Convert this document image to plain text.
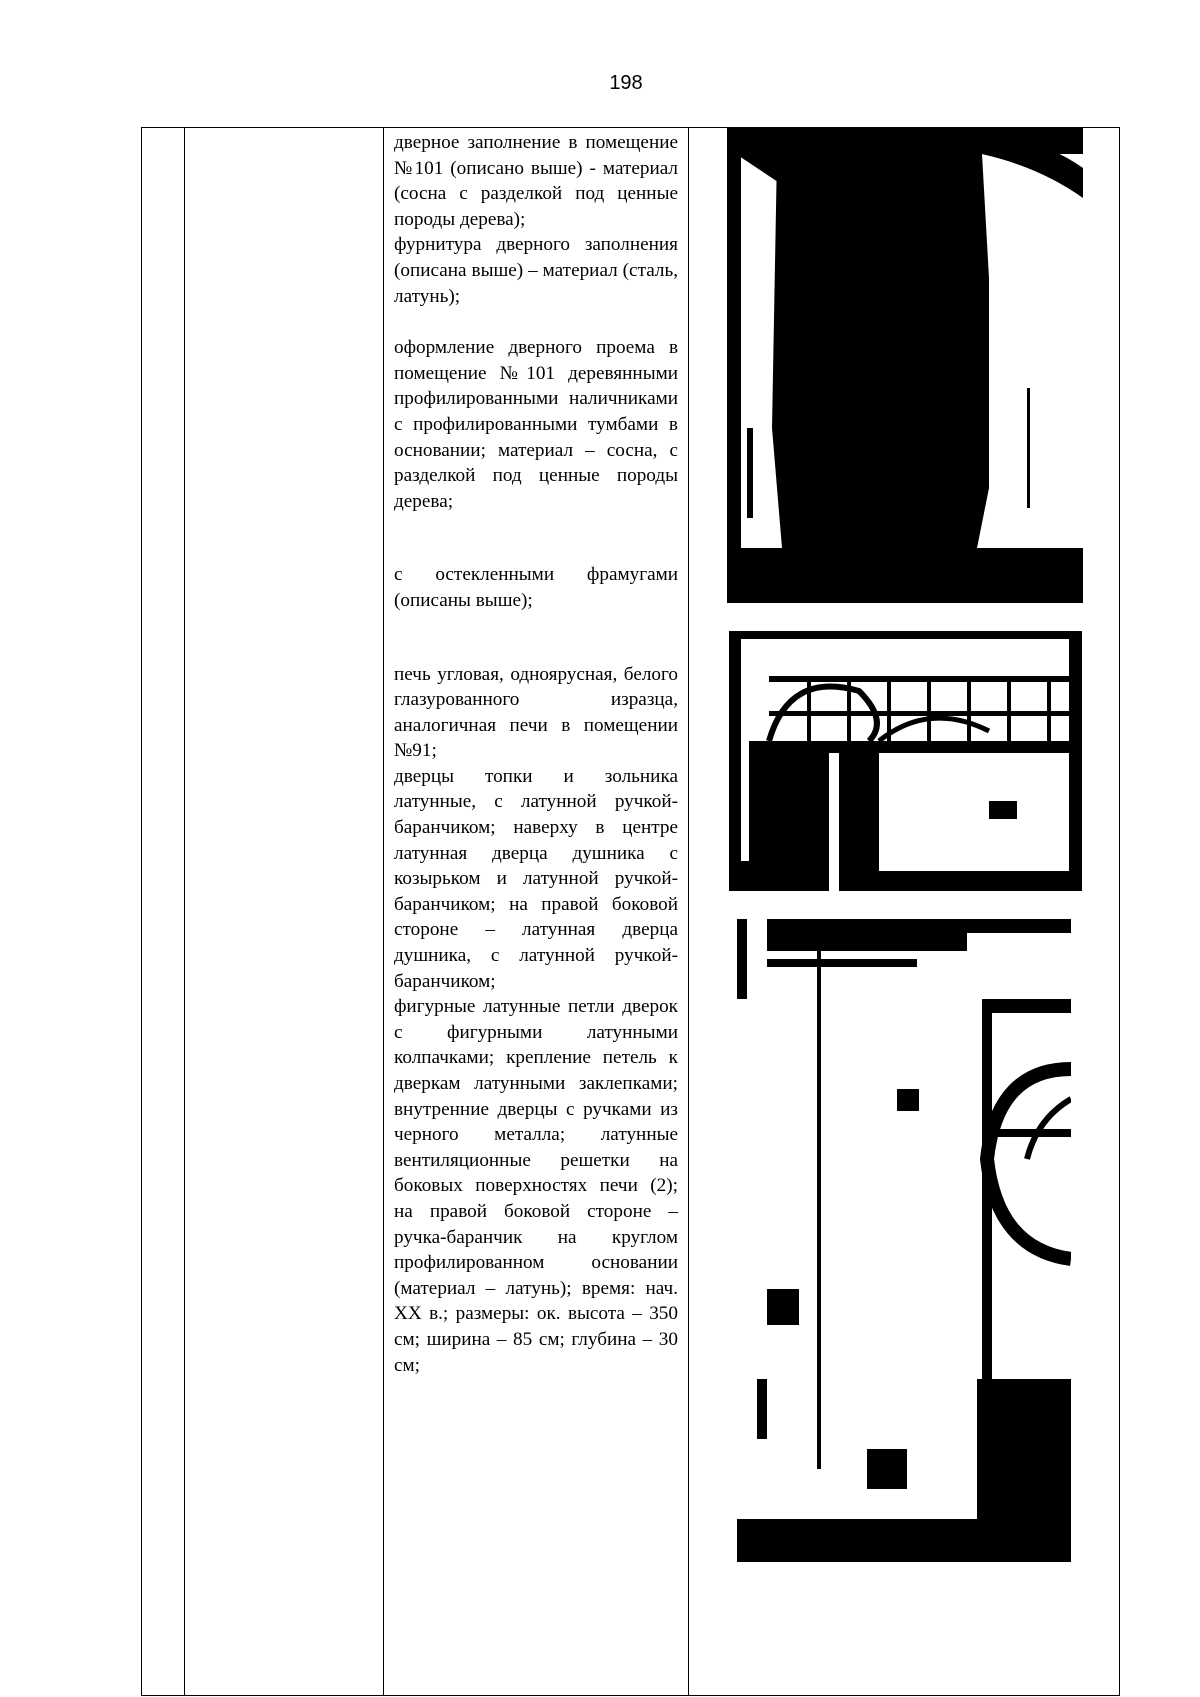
198

дверное заполнение в помещение №101 (описано выше) - материал (сосна с разделкой под ценные породы дерева);

фурнитура дверного заполнения (описана выше) – материал (сталь, латунь);

оформление дверного проема в помещение №101 деревянными профилированными наличниками с профилированными тумбами в основании; материал – сосна, с разделкой под ценные породы дерева;

с остекленными фрамугами (описаны выше);

печь угловая, одноярусная, белого глазурованного изразца, аналогичная печи в помещении №91;

дверцы топки и зольника латунные, с латунной ручкой-баранчиком; наверху в центре латунная дверца душника с козырьком и латунной ручкой-баранчиком; на правой боковой стороне – латунная дверца душника, с латунной ручкой-баранчиком;

фигурные латунные петли дверок с фигурными латунными колпачками; крепление петель к дверкам латунными заклепками; внутренние дверцы с ручками из черного металла; латунные вентиляционные решетки на боковых поверхностях печи (2); на правой боковой стороне – ручка-баранчик на круглом профилированном основании (материал – латунь); время: нач. XX в.; размеры: ок. высота – 350 см; ширина – 85 см; глубина – 30 см;
